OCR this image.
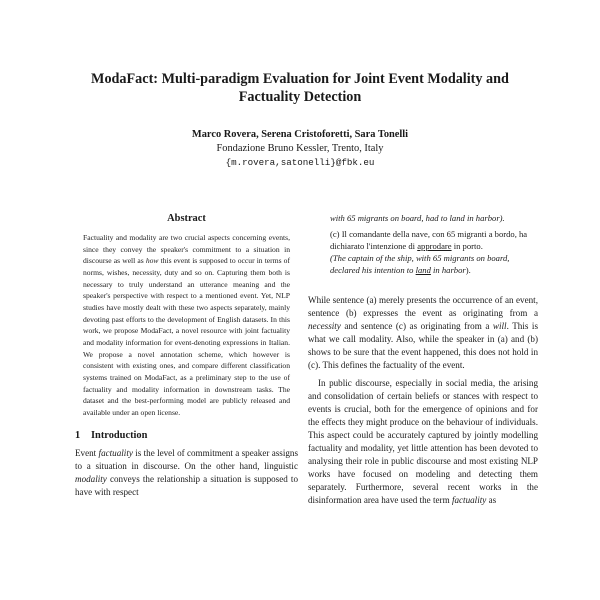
ModaFact: Multi-paradigm Evaluation for Joint Event Modality and Factuality Detection
Marco Rovera, Serena Cristoforetti, Sara Tonelli
Fondazione Bruno Kessler, Trento, Italy
{m.rovera,satonelli}@fbk.eu
Abstract
Factuality and modality are two crucial aspects concerning events, since they convey the speaker's commitment to a situation in discourse as well as how this event is supposed to occur in terms of norms, wishes, necessity, duty and so on. Capturing them both is necessary to truly understand an utterance meaning and the speaker's perspective with respect to a mentioned event. Yet, NLP studies have mostly dealt with these two aspects separately, mainly devoting past efforts to the development of English datasets. In this work, we propose ModaFact, a novel resource with joint factuality and modality information for event-denoting expressions in Italian. We propose a novel annotation scheme, which however is consistent with existing ones, and compare different classification systems trained on ModaFact, as a preliminary step to the use of factuality and modality information in downstream tasks. The dataset and the best-performing model are publicly released and available under an open license.
1 Introduction
Event factuality is the level of commitment a speaker assigns to a situation in discourse. On the other hand, linguistic modality conveys the relationship a situation is supposed to have with respect
with 65 migrants on board, had to land in harbor).
(c) Il comandante della nave, con 65 migranti a bordo, ha dichiarato l'intenzione di approdare in porto.
(The captain of the ship, with 65 migrants on board, declared his intention to land in harbor).

While sentence (a) merely presents the occurrence of an event, sentence (b) expresses the event as originating from a necessity and sentence (c) as originating from a will. This is what we call modality. Also, while the speaker in (a) and (b) shows to be sure that the event happened, this does not hold in (c). This defines the factuality of the event.

In public discourse, especially in social media, the arising and consolidation of certain beliefs or stances with respect to events is crucial, both for the emergence of opinions and for the effects they might produce on the behaviour of individuals. This aspect could be accurately captured by jointly modelling factuality and modality, yet little attention has been devoted to analysing their role in public discourse and most existing NLP works have focused on modeling and detecting them separately. Furthermore, several recent works in the disinformation area have used the term factuality as
